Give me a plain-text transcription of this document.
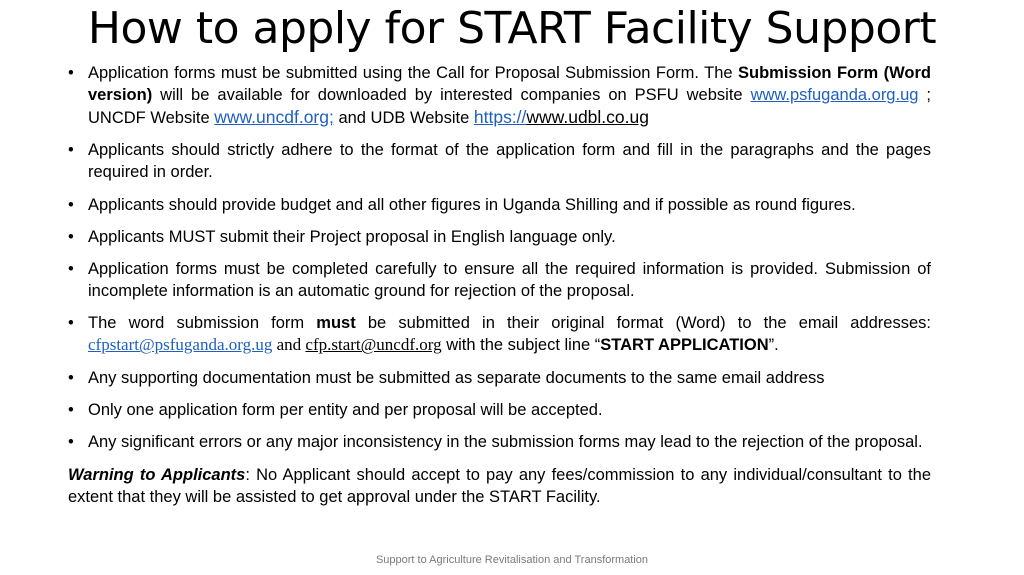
How to apply for START Facility Support
• Application forms must be submitted using the Call for Proposal Submission Form. The Submission Form (Word version) will be available for downloaded by interested companies on PSFU website www.psfuganda.org.ug ; UNCDF Website www.uncdf.org; and UDB Website https://www.udbl.co.ug
• Applicants should strictly adhere to the format of the application form and fill in the paragraphs and the pages required in order.
• Applicants should provide budget and all other figures in Uganda Shilling and if possible as round figures.
• Applicants MUST submit their Project proposal in English language only.
• Application forms must be completed carefully to ensure all the required information is provided. Submission of incomplete information is an automatic ground for rejection of the proposal.
• The word submission form must be submitted in their original format (Word) to the email addresses: cfpstart@psfuganda.org.ug and cfp.start@uncdf.org with the subject line “START APPLICATION”.
• Any supporting documentation must be submitted as separate documents to the same email address
• Only one application form per entity and per proposal will be accepted.
• Any significant errors or any major inconsistency in the submission forms may lead to the rejection of the proposal.
Warning to Applicants: No Applicant should accept to pay any fees/commission to any individual/consultant to the extent that they will be assisted to get approval under the START Facility.
Support to Agriculture Revitalisation and Transformation
